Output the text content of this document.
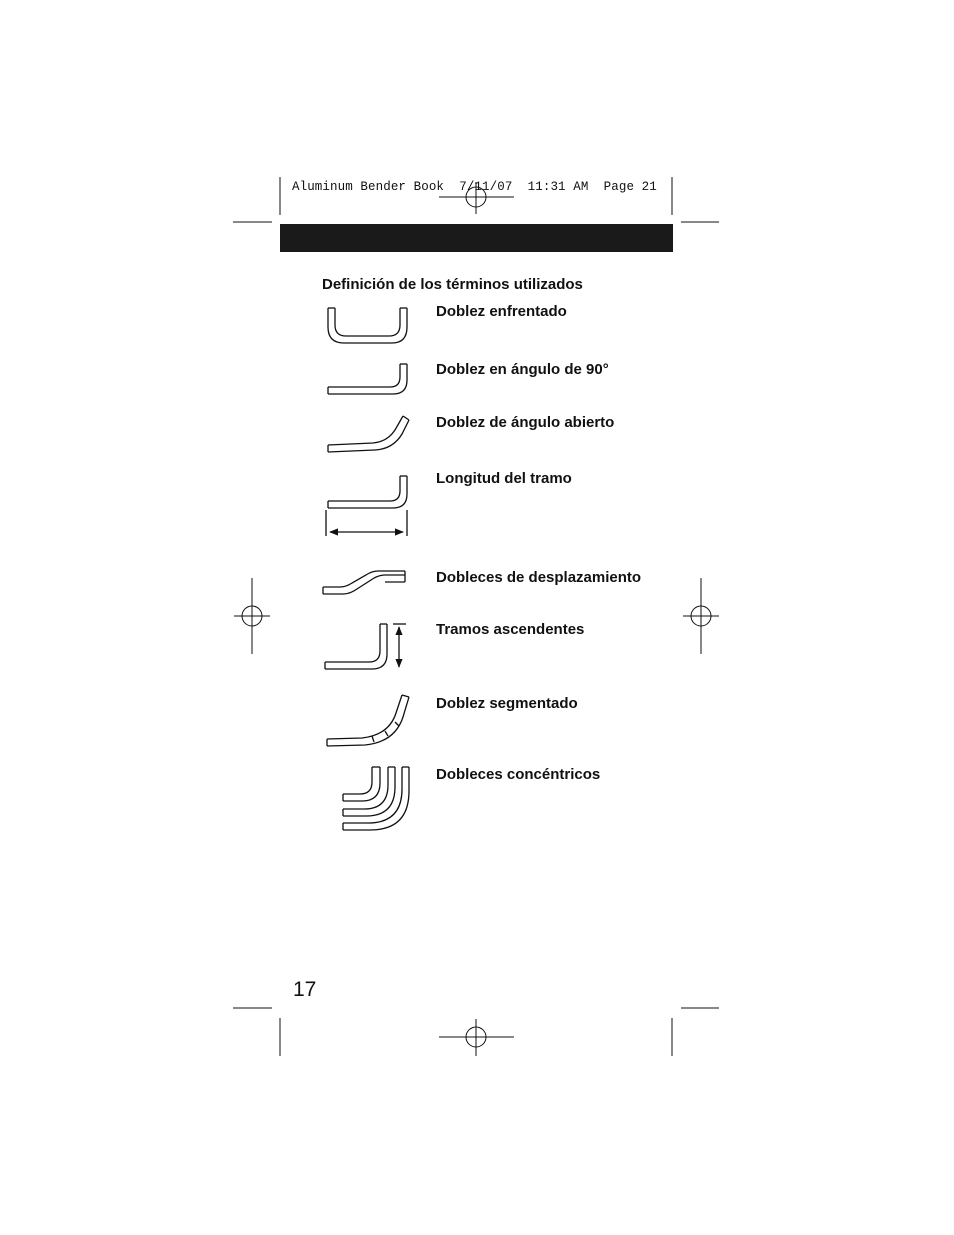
Aluminum Bender Book  7/11/07  11:31 AM  Page 21
Definición de los términos utilizados
Doblez enfrentado
Doblez en ángulo de 90°
Doblez de ángulo abierto
Longitud del tramo
Dobleces de desplazamiento
Tramos ascendentes
Doblez segmentado
Dobleces concéntricos
17
